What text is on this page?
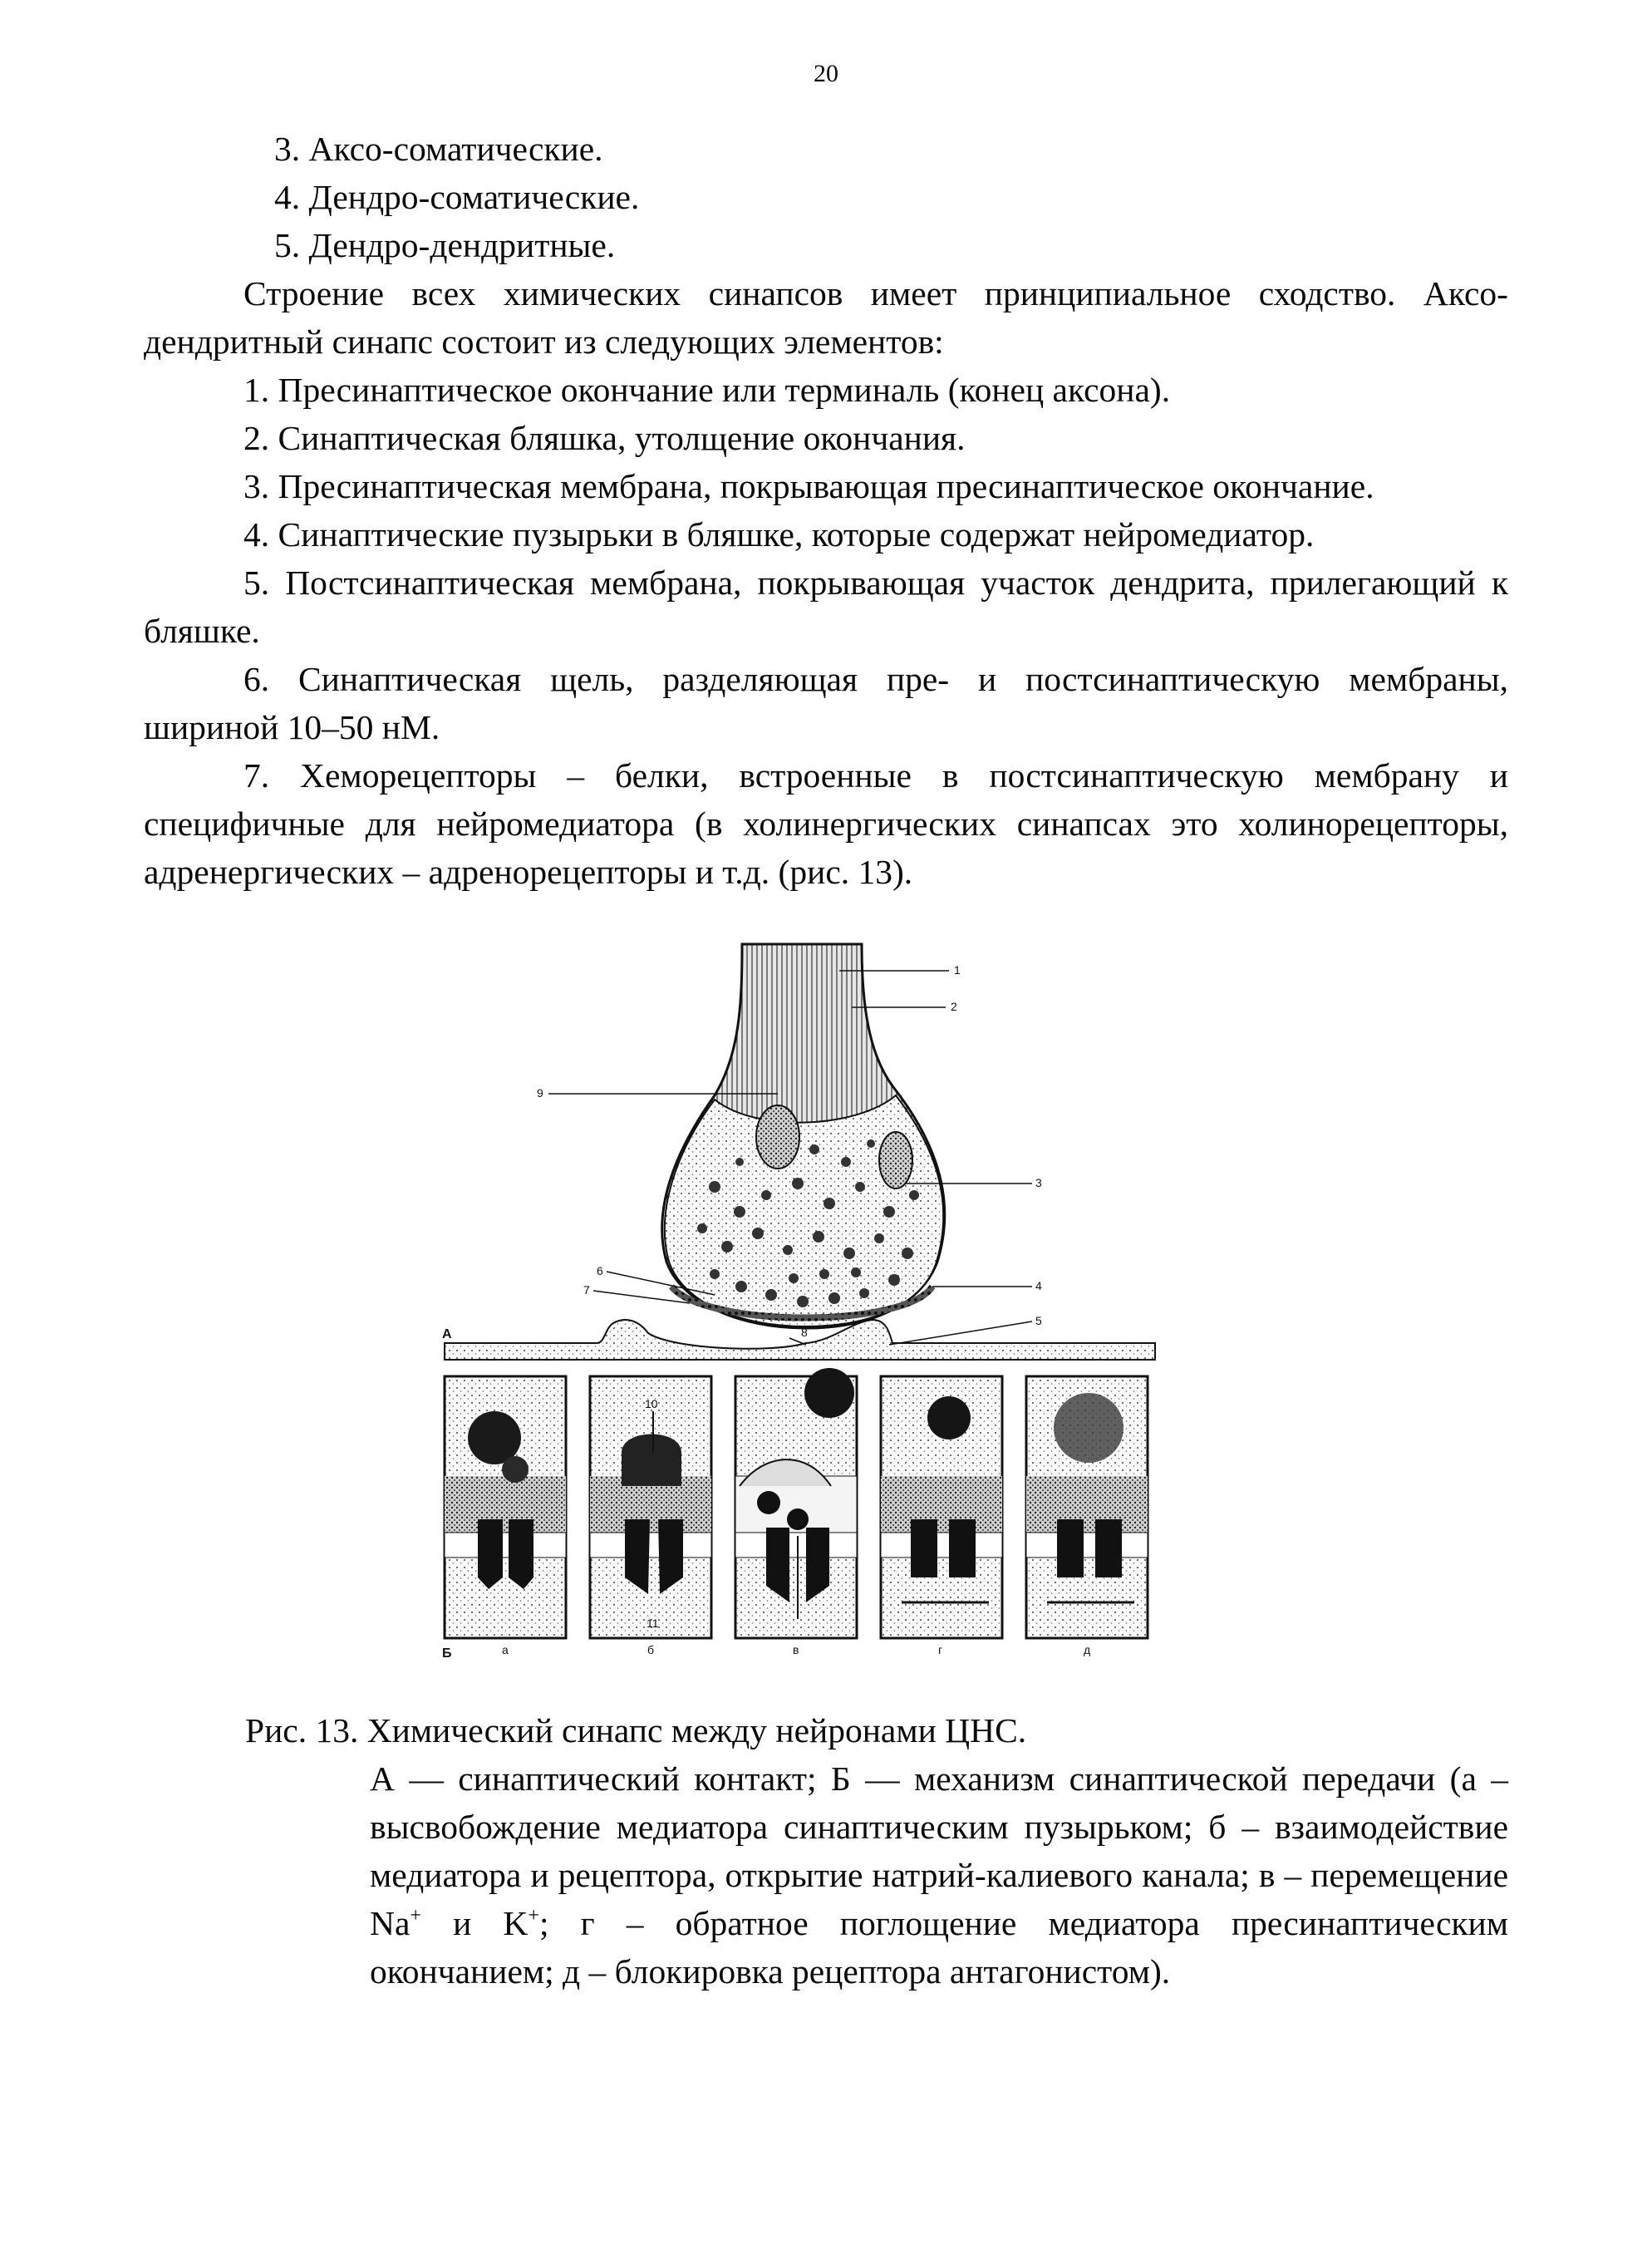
20

3. Аксо-соматические.

4. Дендро-соматические.

5. Дендро-дендритные.

Строение всех химических синапсов имеет принципиальное сходство. Аксо-дендритный синапс состоит из следующих элементов:

1. Пресинаптическое окончание или терминаль (конец аксона).

2. Синаптическая бляшка, утолщение окончания.

3. Пресинаптическая мембрана, покрывающая пресинаптическое окончание.

4. Синаптические пузырьки в бляшке, которые содержат нейромедиатор.

5. Постсинаптическая мембрана, покрывающая участок дендрита, прилегающий к бляшке.

6. Синаптическая щель, разделяющая пре- и постсинаптическую мембраны, шириной 10–50 нМ.

7. Хеморецепторы – белки, встроенные в постсинаптическую мембрану и специфичные для нейромедиатора (в холинергических синапсах это холинорецепторы, адренергических – адренорецепторы и т.д. (рис. 13).

1
2
3
4
5
6
7
8
9
А
10
11
Б	а	б	в	г	д

Рис. 13. Химический синапс между нейронами ЦНС.

А — синаптический контакт; Б — механизм синаптической передачи (а – высвобождение медиатора синаптическим пузырьком; б – взаимодействие медиатора и рецептора, открытие натрий-калиевого канала; в – перемещение Na+ и K+; г – обратное поглощение медиатора пресинаптическим окончанием; д – блокировка рецептора антагонистом).
